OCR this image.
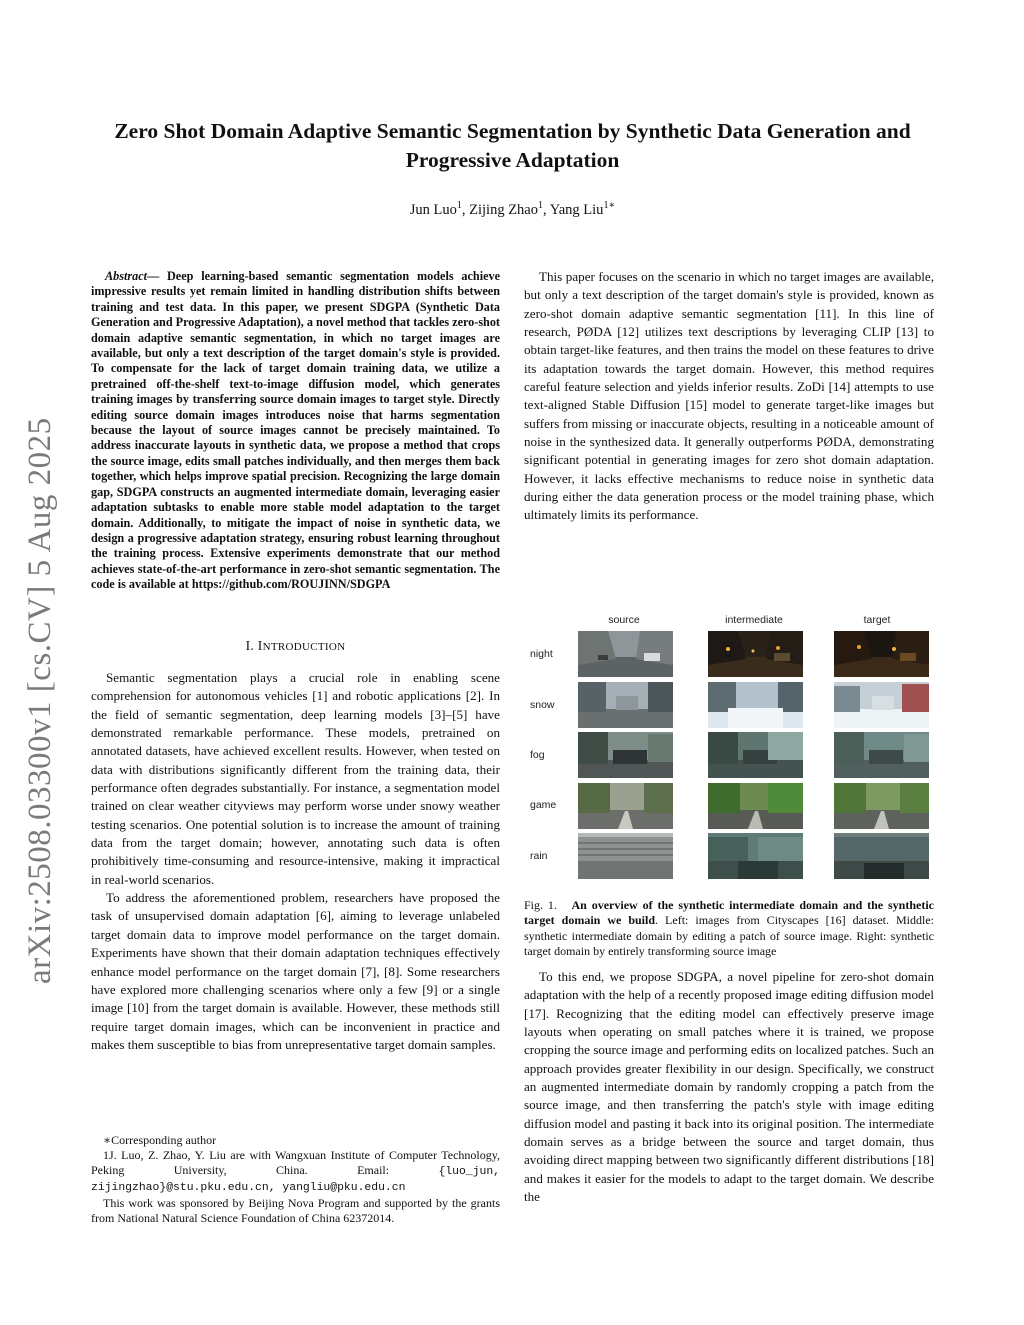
arXiv:2508.03300v1 [cs.CV] 5 Aug 2025
Zero Shot Domain Adaptive Semantic Segmentation by Synthetic Data Generation and Progressive Adaptation
Jun Luo$^1$, Zijing Zhao$^1$, Yang Liu$^{1∗}$
Abstract— Deep learning-based semantic segmentation models achieve impressive results yet remain limited in handling distribution shifts between training and test data. In this paper, we present SDGPA (Synthetic Data Generation and Progressive Adaptation), a novel method that tackles zero-shot domain adaptive semantic segmentation, in which no target images are available, but only a text description of the target domain's style is provided. To compensate for the lack of target domain training data, we utilize a pretrained off-the-shelf text-to-image diffusion model, which generates training images by transferring source domain images to target style. Directly editing source domain images introduces noise that harms segmentation because the layout of source images cannot be precisely maintained. To address inaccurate layouts in synthetic data, we propose a method that crops the source image, edits small patches individually, and then merges them back together, which helps improve spatial precision. Recognizing the large domain gap, SDGPA constructs an augmented intermediate domain, leveraging easier adaptation subtasks to enable more stable model adaptation to the target domain. Additionally, to mitigate the impact of noise in synthetic data, we design a progressive adaptation strategy, ensuring robust learning throughout the training process. Extensive experiments demonstrate that our method achieves state-of-the-art performance in zero-shot semantic segmentation. The code is available at https://github.com/ROUJINN/SDGPA
I. INTRODUCTION

Semantic segmentation plays a crucial role in enabling scene comprehension for autonomous vehicles [1] and robotic applications [2]. In the field of semantic segmentation, deep learning models [3]–[5] have demonstrated remarkable performance. These models, pretrained on annotated datasets, have achieved excellent results. However, when tested on data with distributions significantly different from the training data, their performance often degrades substantially. For instance, a segmentation model trained on clear weather cityviews may perform worse under snowy weather testing scenarios. One potential solution is to increase the amount of training data from the target domain; however, annotating such data is often prohibitively time-consuming and resource-intensive, making it impractical in real-world scenarios.

To address the aforementioned problem, researchers have proposed the task of unsupervised domain adaptation [6], aiming to leverage unlabeled target domain data to improve model performance on the target domain. Experiments have shown that their domain adaptation techniques effectively enhance model performance on the target domain [7], [8]. Some researchers have explored more challenging scenarios where only a few [9] or a single image [10] from the target domain is available. However, these methods still require target domain images, which can be inconvenient in practice and makes them susceptible to bias from unrepresentative target domain samples.

∗Corresponding author

1J. Luo, Z. Zhao, Y. Liu are with Wangxuan Institute of Computer Technology, Peking University, China. Email: {luo_jun, zijingzhao}@stu.pku.edu.cn, yangliu@pku.edu.cn

This work was sponsored by Beijing Nova Program and supported by the grants from National Natural Science Foundation of China 62372014.

This paper focuses on the scenario in which no target images are available, but only a text description of the target domain's style is provided, known as zero-shot domain adaptive semantic segmentation [11]. In this line of research, PØDA [12] utilizes text descriptions by leveraging CLIP [13] to obtain target-like features, and then trains the model on these features to drive its adaptation towards the target domain. However, this method requires careful feature selection and yields inferior results. ZoDi [14] attempts to use text-aligned Stable Diffusion [15] model to generate target-like images but suffers from missing or inaccurate objects, resulting in a noticeable amount of noise in the synthesized data. It generally outperforms PØDA, demonstrating significant potential in generating images for zero shot domain adaptation. However, it lacks effective mechanisms to reduce noise in synthetic data during either the data generation process or the model training phase, which ultimately limits its performance.

source	intermediate	target
night
snow
fog
game
rain
Fig. 1. An overview of the synthetic intermediate domain and the synthetic target domain we build. Left: images from Cityscapes [16] dataset. Middle: synthetic intermediate domain by editing a patch of source image. Right: synthetic target domain by entirely transforming source image

To this end, we propose SDGPA, a novel pipeline for zero-shot domain adaptation with the help of a recently proposed image editing diffusion model [17]. Recognizing that the editing model can effectively preserve image layouts when operating on small patches where it is trained, we propose cropping the source image and performing edits on localized patches. Such an approach provides greater flexibility in our design. Specifically, we construct an augmented intermediate domain by randomly cropping a patch from the source image, and then transferring the patch's style with image editing diffusion model and pasting it back into its original position. The intermediate domain serves as a bridge between the source and target domain, thus avoiding direct mapping between two significantly different distributions [18] and makes it easier for the models to adapt to the target domain. We describe the
